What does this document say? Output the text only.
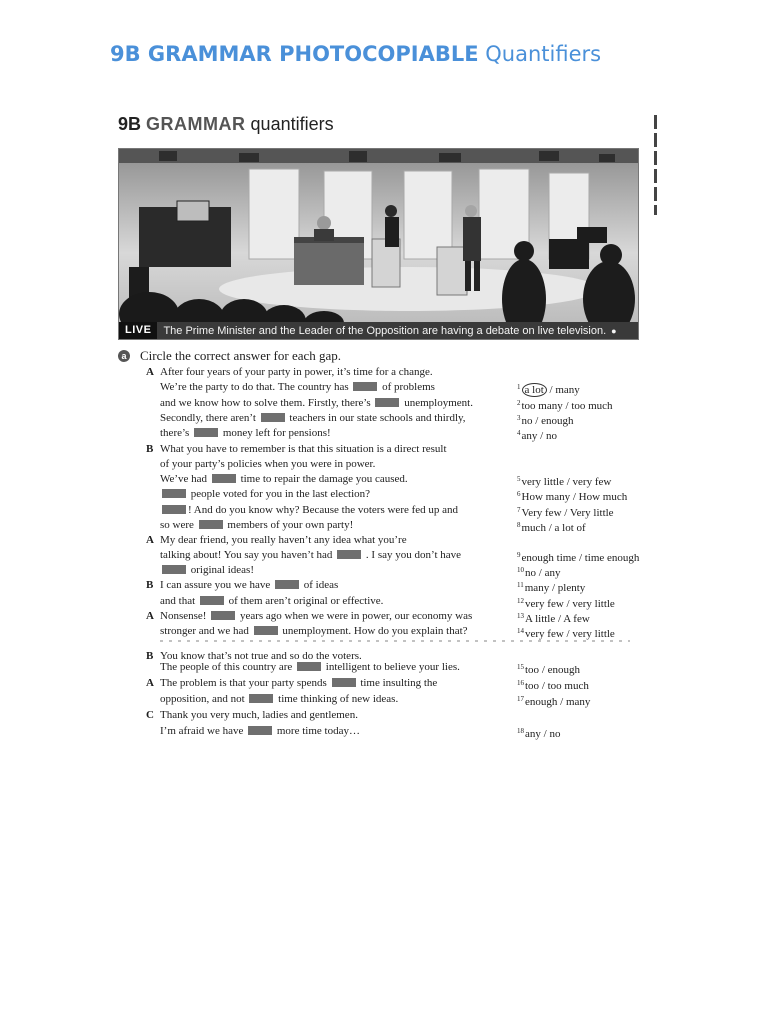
9B GRAMMAR PHOTOCOPIABLE Quantifiers
9B GRAMMAR quantifiers
LIVE	The Prime Minister and the Leader of the Opposition are having a debate on live television. ●
a Circle the correct answer for each gap.
A After four years of your party in power, it’s time for a change.
We’re the party to do that. The country has	of problems
and we know how to solve them. Firstly, there’s	unemployment.
Secondly, there aren’t	teachers in our state schools and thirdly,
there’s	money left for pensions!
B What you have to remember is that this situation is a direct result
of your party’s policies when you were in power.
We’ve had	time to repair the damage you caused.
people voted for you in the last election?
! And do you know why? Because the voters were fed up and
so were	members of your own party!
A My dear friend, you really haven’t any idea what you’re
talking about! You say you haven’t had	. I say you don’t have
original ideas!
B I can assure you we have	of ideas
and that	of them aren’t original or effective.
A Nonsense!	years ago when we were in power, our economy was
stronger and we had	unemployment. How do you explain that?
B You know that’s not true and so do the voters.
The people of this country are	intelligent to believe your lies.
A The problem is that your party spends	time insulting the
opposition, and not	time thinking of new ideas.
C Thank you very much, ladies and gentlemen.
I’m afraid we have	more time today…
$^1$ a lot / many
$^2$too many / too much
$^3$no / enough
$^4$any / no
$^5$very little / very few
$^6$How many / How much
$^7$Very few / Very little
$^8$much / a lot of
$^9$enough time / time enough
$^{10}$no / any
$^{11}$many / plenty
$^{12}$very few / very little
$^{13}$A little / A few
$^{14}$very few / very little
$^{15}$too / enough
$^{16}$too / too much
$^{17}$enough / many
$^{18}$any / no
